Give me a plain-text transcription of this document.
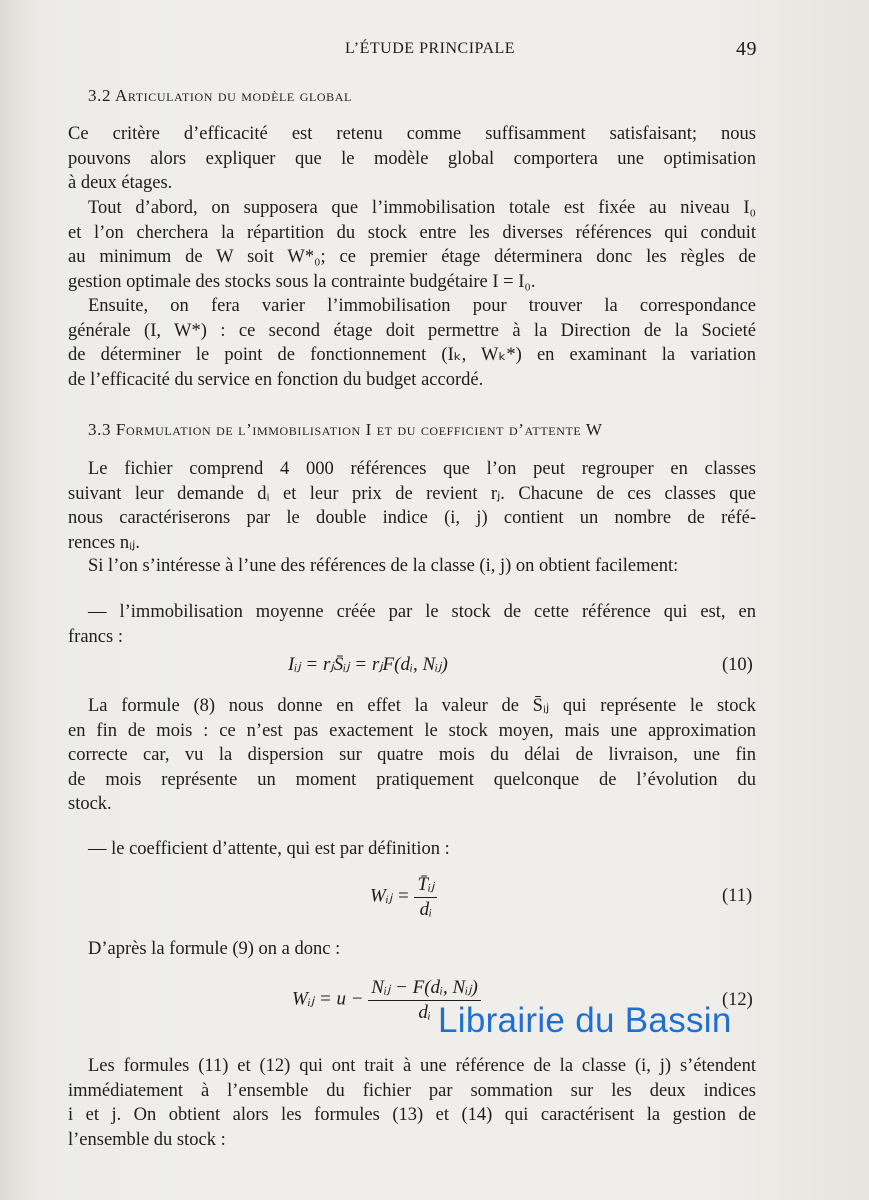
L’ÉTUDE PRINCIPALE	49
3.2 Articulation du modèle global
Ce critère d’efficacité est retenu comme suffisamment satisfaisant; nous
pouvons alors expliquer que le modèle global comportera une optimisation
à deux étages.
Tout d’abord, on supposera que l’immobilisation totale est fixée au niveau I₀
et l’on cherchera la répartition du stock entre les diverses références qui conduit
au minimum de W soit W*₀; ce premier étage déterminera donc les règles de
gestion optimale des stocks sous la contrainte budgétaire I = I₀.
Ensuite, on fera varier l’immobilisation pour trouver la correspondance
générale (I, W*) : ce second étage doit permettre à la Direction de la Societé
de déterminer le point de fonctionnement (Iₖ, Wₖ*) en examinant la variation
de l’efficacité du service en fonction du budget accordé.
3.3 Formulation de l’immobilisation I et du coefficient d’attente W
Le fichier comprend 4 000 références que l’on peut regrouper en classes
suivant leur demande dᵢ et leur prix de revient rⱼ. Chacune de ces classes que
nous caractériserons par le double indice (i, j) contient un nombre de réfé-
rences nᵢⱼ.
Si l’on s’intéresse à l’une des références de la classe (i, j) on obtient facilement:
— l’immobilisation moyenne créée par le stock de cette référence qui est, en
francs :
Iᵢⱼ = rⱼS̄ᵢⱼ = rⱼF(dᵢ, Nᵢⱼ)	(10)
La formule (8) nous donne en effet la valeur de S̄ᵢⱼ qui représente le stock
en fin de mois : ce n’est pas exactement le stock moyen, mais une approximation
correcte car, vu la dispersion sur quatre mois du délai de livraison, une fin
de mois représente un moment pratiquement quelconque de l’évolution du
stock.
— le coefficient d’attente, qui est par définition :
Wᵢⱼ = $\frac{\text{T̄ᵢⱼ}}{\text{dᵢ}}$	(11)
D’après la formule (9) on a donc :
Wᵢⱼ = $u - \frac{\text{Nᵢⱼ − F(dᵢ, Nᵢⱼ)}}{\text{dᵢ}}$	(12)
Les formules (11) et (12) qui ont trait à une référence de la classe (i, j) s’étendent
immédiatement à l’ensemble du fichier par sommation sur les deux indices
i et j. On obtient alors les formules (13) et (14) qui caractérisent la gestion de
l’ensemble du stock :
Librairie du Bassin
